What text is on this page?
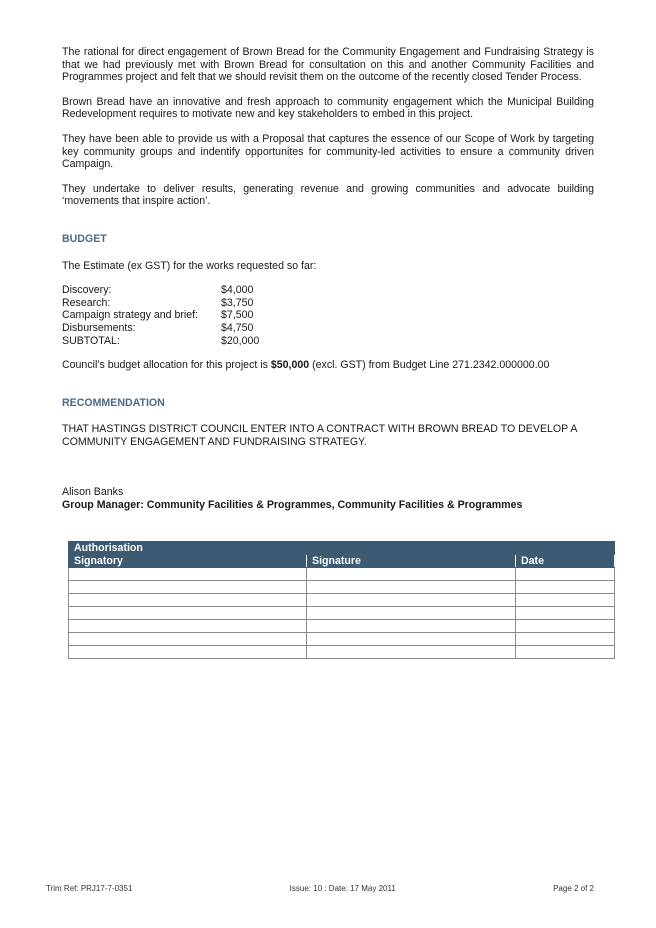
The rational for direct engagement of Brown Bread for the Community Engagement and Fundraising Strategy is that we had previously met with Brown Bread for consultation on this and another Community Facilities and Programmes project and felt that we should revisit them on the outcome of the recently closed Tender Process.

Brown Bread have an innovative and fresh approach to community engagement which the Municipal Building Redevelopment requires to motivate new and key stakeholders to embed in this project.

They have been able to provide us with a Proposal that captures the essence of our Scope of Work by targeting key community groups and indentify opportunites for community-led activities to ensure a community driven Campaign.

They undertake to deliver results, generating revenue and growing communities and advocate building ‘movements that inspire action’.

BUDGET

The Estimate (ex GST) for the works requested so far:

Discovery:	$4,000
Research:	$3,750
Campaign strategy and brief:	$7,500
Disbursements:	$4,750
SUBTOTAL:	$20,000

Council’s budget allocation for this project is $50,000 (excl. GST) from Budget Line 271.2342.000000.00

RECOMMENDATION

THAT HASTINGS DISTRICT COUNCIL ENTER INTO A CONTRACT WITH BROWN BREAD TO DEVELOP A COMMUNITY ENGAGEMENT AND FUNDRAISING STRATEGY.

Alison Banks

Group Manager: Community Facilities & Programmes, Community Facilities & Programmes

Authorisation		
Signatory	Signature	Date

Trim Ref: PRJ17-7-0351	Issue: 10 : Date: 17 May 2011	Page 2 of 2
